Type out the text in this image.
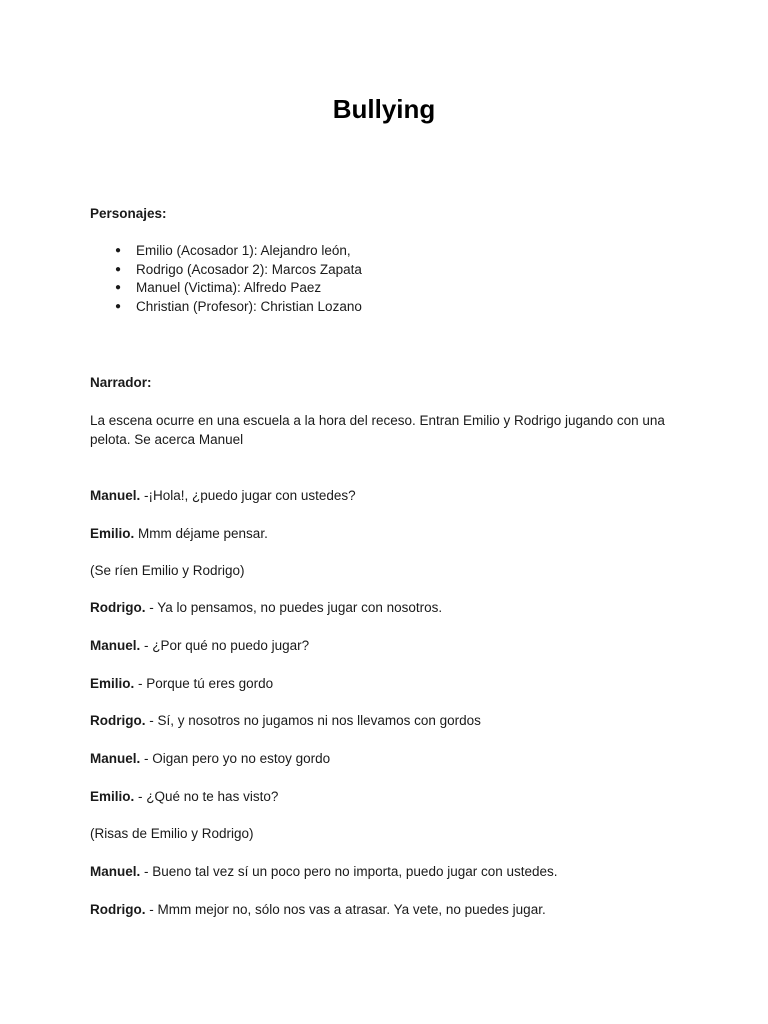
Bullying
Personajes:
● Emilio (Acosador 1): Alejandro león,
● Rodrigo (Acosador 2): Marcos Zapata
● Manuel (Victima): Alfredo Paez
● Christian (Profesor): Christian Lozano
Narrador:
La escena ocurre en una escuela a la hora del receso. Entran Emilio y Rodrigo jugando con una pelota. Se acerca Manuel
Manuel. -¡Hola!, ¿puedo jugar con ustedes?
Emilio. Mmm déjame pensar.
(Se ríen Emilio y Rodrigo)
Rodrigo. - Ya lo pensamos, no puedes jugar con nosotros.
Manuel. - ¿Por qué no puedo jugar?
Emilio. - Porque tú eres gordo
Rodrigo. - Sí, y nosotros no jugamos ni nos llevamos con gordos
Manuel. - Oigan pero yo no estoy gordo
Emilio. - ¿Qué no te has visto?
(Risas de Emilio y Rodrigo)
Manuel. - Bueno tal vez sí un poco pero no importa, puedo jugar con ustedes.
Rodrigo. - Mmm mejor no, sólo nos vas a atrasar. Ya vete, no puedes jugar.
